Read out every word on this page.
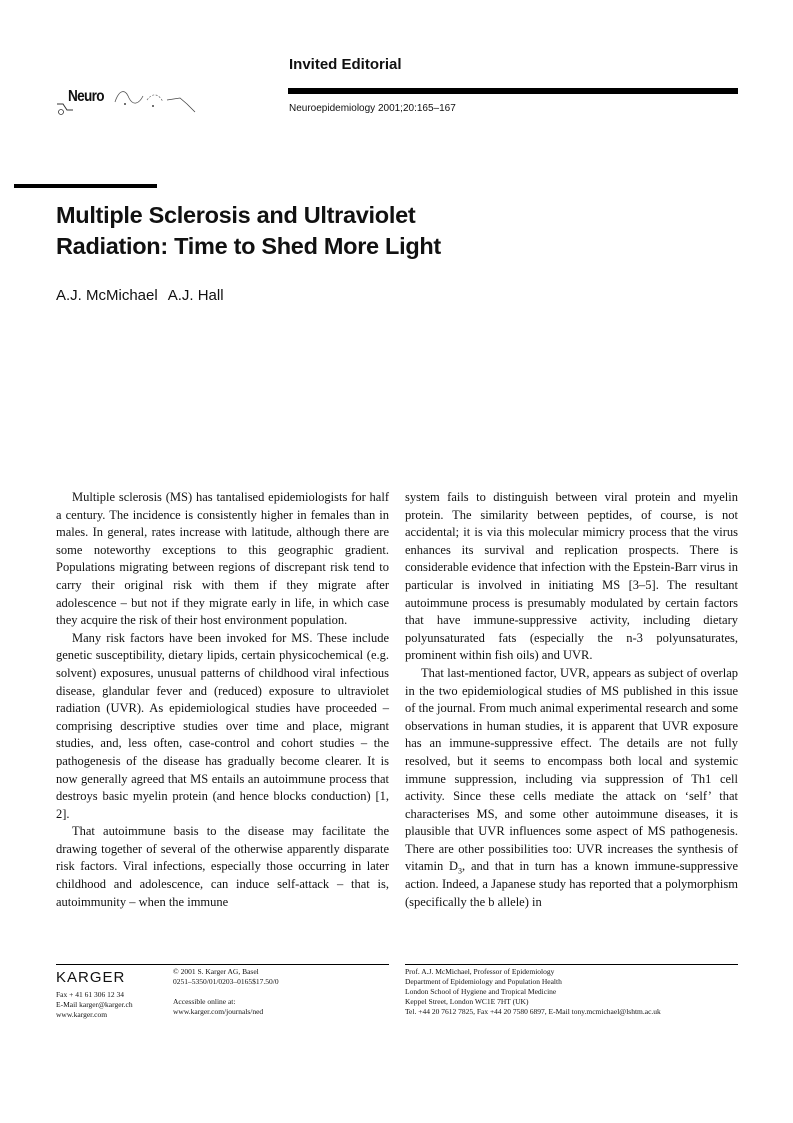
Invited Editorial
Neuroepidemiology 2001;20:165–167
Neuro
Multiple Sclerosis and Ultraviolet
Radiation: Time to Shed More Light
A.J. McMichael A.J. Hall

Multiple sclerosis (MS) has tantalised epidemiologists for half a century. The incidence is consistently higher in females than in males. In general, rates increase with latitude, although there are some noteworthy exceptions to this geographic gradient. Populations migrating between regions of discrepant risk tend to carry their original risk with them if they migrate after adolescence – but not if they migrate early in life, in which case they acquire the risk of their host environment population.

Many risk factors have been invoked for MS. These include genetic susceptibility, dietary lipids, certain physicochemical (e.g. solvent) exposures, unusual patterns of childhood viral infectious disease, glandular fever and (reduced) exposure to ultraviolet radiation (UVR). As epidemiological studies have proceeded – comprising descriptive studies over time and place, migrant studies, and, less often, case-control and cohort studies – the pathogenesis of the disease has gradually become clearer. It is now generally agreed that MS entails an autoimmune process that destroys basic myelin protein (and hence blocks conduction) [1, 2].

That autoimmune basis to the disease may facilitate the drawing together of several of the otherwise apparently disparate risk factors. Viral infections, especially those occurring in later childhood and adolescence, can induce self-attack – that is, autoimmunity – when the immune

system fails to distinguish between viral protein and myelin protein. The similarity between peptides, of course, is not accidental; it is via this molecular mimicry process that the virus enhances its survival and replication prospects. There is considerable evidence that infection with the Epstein-Barr virus in particular is involved in initiating MS [3–5]. The resultant autoimmune process is presumably modulated by certain factors that have immune-suppressive activity, including dietary polyunsaturated fats (especially the n-3 polyunsaturates, prominent within fish oils) and UVR.

That last-mentioned factor, UVR, appears as subject of overlap in the two epidemiological studies of MS published in this issue of the journal. From much animal experimental research and some observations in human studies, it is apparent that UVR exposure has an immune-suppressive effect. The details are not fully resolved, but it seems to encompass both local and systemic immune suppression, including via suppression of Th1 cell activity. Since these cells mediate the attack on ‘self’ that characterises MS, and some other autoimmune diseases, it is plausible that UVR influences some aspect of MS pathogenesis. There are other possibilities too: UVR increases the synthesis of vitamin $D_3$, and that in turn has a known immune-suppressive action. Indeed, a Japanese study has reported that a polymorphism (specifically the b allele) in

KARGER
Fax + 41 61 306 12 34
E-Mail karger@karger.ch
www.karger.com
© 2001 S. Karger AG, Basel
0251–5350/01/0203–0165$17.50/0
Accessible online at:
www.karger.com/journals/ned
Prof. A.J. McMichael, Professor of Epidemiology
Department of Epidemiology and Population Health
London School of Hygiene and Tropical Medicine
Keppel Street, London WC1E 7HT (UK)
Tel. +44 20 7612 7825, Fax +44 20 7580 6897, E-Mail tony.mcmichael@lshtm.ac.uk
